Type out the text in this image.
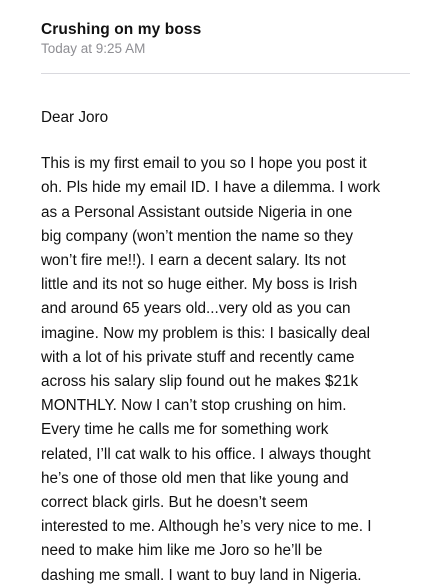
Crushing on my boss
Today at 9:25 AM
Dear Joro
This is my first email to you so I hope you post it
oh. Pls hide my email ID. I have a dilemma. I work
as a Personal Assistant outside Nigeria in one
big company (won’t mention the name so they
won’t fire me!!). I earn a decent salary. Its not
little and its not so huge either. My boss is Irish
and around 65 years old...very old as you can
imagine. Now my problem is this: I basically deal
with a lot of his private stuff and recently came
across his salary slip found out he makes $21k
MONTHLY. Now I can’t stop crushing on him.
Every time he calls me for something work
related, I’ll cat walk to his office. I always thought
he’s one of those old men that like young and
correct black girls. But he doesn’t seem
interested to me. Although he’s very nice to me. I
need to make him like me Joro so he’ll be
dashing me small. I want to buy land in Nigeria.
